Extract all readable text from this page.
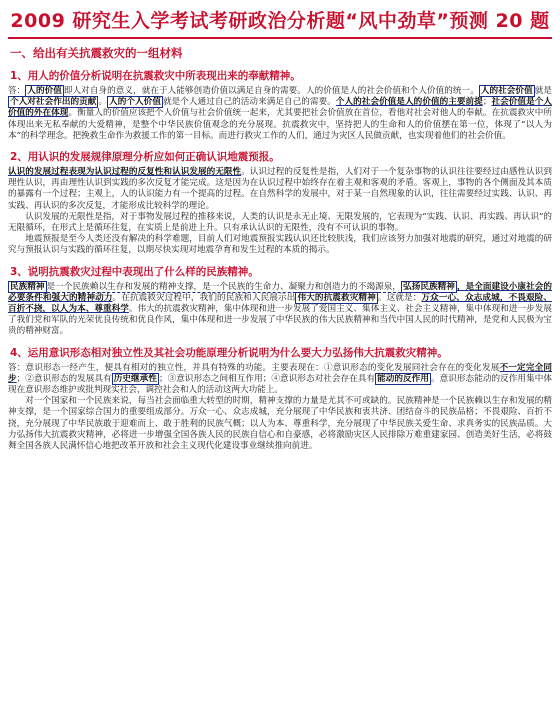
2009 研究生入学考试考研政治分析题“风中劲草”预测 20 题
一、给出有关抗震救灾的一组材料
1、用人的价值分析说明在抗震救灾中所表现出来的奉献精神。

答： 人的价值 即人对自身的意义，就在于人能够创造价值以满足自身的需要。人的价值是人的社会价值和个人价值的统一。 人的社会价值 就是个人对社会作出的贡献 。 人的个人价值 就是个人通过自己的活动来满足自己的需要。个人的社会价值是人的价值的主要前提；社会价值是个人价值的外在体现。衡量人的价值应该把个人价值与社会价值统一起来，尤其要把社会价值放在首位，看他对社会对他人的奉献。在抗震救灾中所体现出来无私奉献的大爱精神，是整个中华民族价值观念的充分展现。抗震救灾中，坚持把人的生命和人的价值摆在第一位，体现了“以人为本”的科学理念。把挽救生命作为救援工作的第一目标。而进行救灾工作的人们，通过为灾区人民做贡献，也实现着他们的社会价值。

2、用认识的发展规律原理分析应如何正确认识地震预报。

认识的发展过程表现为认识过程的反复性和认识发展的无限性。认识过程的反复性是指，人们对于一个复杂事物的认识往往要经过由感性认识到理性认识，再由理性认识到实践的多次反复才能完成。这是因为在认识过程中始终存在着主观和客观的矛盾。客观上，事物的各个侧面及其本质的暴露有一个过程；主观上，人的认识能力有一个提高的过程。在自然科学的发展中，对于某一自然现象的认识，往往需要经过实践、认识、再实践、再认识的多次反复，才能形成比较科学的理论。

认识发展的无限性是指，对于事物发展过程的推移来说，人类的认识是永无止境、无限发展的，它表现为“实践、认识、再实践、再认识”的无限循环，在形式上是循环往复，在实质上是前进上升。只有承认认识的无限性，没有不可认识的事物。

地震预报是至今人类还没有解决的科学难题，目前人们对地震预报实践认识还比较肤浅，我们应该努力加强对地震的研究，通过对地震的研究与预报认识与实践的循环往复，以期尽快实现对地震孕育和发生过程的本质的揭示。

3、说明抗震救灾过程中表现出了什么样的民族精神。

民族精神 是一个民族赖以生存和发展的精神支撑，是一个民族的生命力、凝聚力和创造力的不竭源泉， 弘扬民族精神 ，是全面建设小康社会的必要条件和强大的精神动力。在抗震救灾过程中，我们的民族和人民展示出 伟大的抗震救灾精神 。这就是：万众一心、众志成城，不畏艰险、百折不挠，以人为本、尊重科学。伟大的抗震救灾精神，集中体现和进一步发展了爱国主义、集体主义、社会主义精神，集中体现和进一步发展了我们党和军队的光荣优良传统和优良作风，集中体现和进一步发展了中华民族的伟大民族精神和当代中国人民的时代精神，是党和人民极为宝贵的精神财富。

4、运用意识形态相对独立性及其社会功能原理分析说明为什么要大力弘扬伟大抗震救灾精神。

答：意识形态一经产生，便具有相对的独立性，并具有特殊的功能。主要表现在：①意识形态的变化发展同社会存在的变化发展不一定完全同步；②意识形态的发展具有 历史继承性 ；③意识形态之间相互作用；④意识形态对社会存在具有 能动的反作用 。意识形态能动的反作用集中体现在意识形态维护或批判现实社会，调控社会和人的活动这两大功能上。

对一个国家和一个民族来说，每当社会面临重大转型的时期，精神支撑的力量是尤其不可或缺的。民族精神是一个民族赖以生存和发展的精神支撑，是一个国家综合国力的重要组成部分。万众一心、众志成城，充分展现了中华民族和衷共济、团结奋斗的民族品格；不畏艰险、百折不挠，充分展现了中华民族敢于迎难而上、敢于胜利的民族气概；以人为本、尊重科学，充分展现了中华民族关爱生命、求真务实的民族品质。大力弘扬伟大抗震救灾精神，必将进一步增强全国各族人民的民族自信心和自豪感，必将激励灾区人民排除万难重建家园、创造美好生活，必将鼓舞全国各族人民满怀信心地把改革开放和社会主义现代化建设事业继续推向前进。
